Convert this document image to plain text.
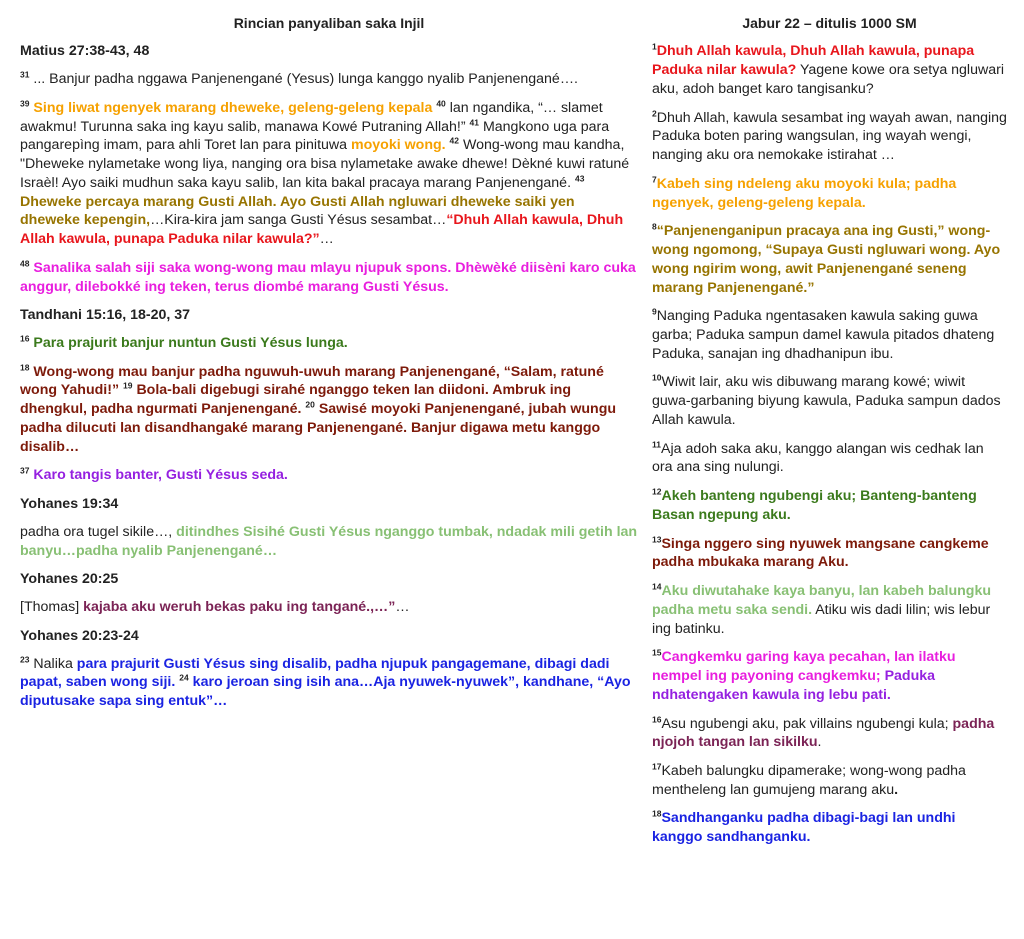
Rincian panyaliban saka Injil
Matius 27:38-43, 48

$^{31}$ ... Banjur padha nggawa Panjenengané (Yesus) lunga kanggo nyalib Panjenengané….

$^{39}$ Sing liwat ngenyek marang dheweke, geleng-geleng kepala $^{40}$ lan ngandika, “… slamet awakmu! Turunna saka ing kayu salib, manawa Kowé Putraning Allah!” $^{41}$ Mangkono uga para pangarepìng imam, para ahli Toret lan para pinituwa moyoki wong. $^{42}$ Wong-wong mau kandha, "Dheweke nylametake wong liya, nanging ora bisa nylametake awake dhewe! Dèkné kuwi ratuné Israèl! Ayo saiki mudhun saka kayu salib, lan kita bakal pracaya marang Panjenengané. $^{43}$ Dheweke percaya marang Gusti Allah. Ayo Gusti Allah ngluwari dheweke saiki yen dheweke kepengin,…Kira-kira jam sanga Gusti Yésus sesambat…“Dhuh Allah kawula, Dhuh Allah kawula, punapa Paduka nilar kawula?”…

$^{48}$ Sanalika salah siji saka wong-wong mau mlayu njupuk spons. Dhèwèké diisèni karo cuka anggur, dilebokké ing teken, terus diombé marang Gusti Yésus.

Tandhani 15:16, 18-20, 37

$^{16}$ Para prajurit banjur nuntun Gusti Yésus lunga.

$^{18}$ Wong-wong mau banjur padha nguwuh-uwuh marang Panjenengané, “Salam, ratuné wong Yahudi!” $^{19}$ Bola-bali digebugi sirahé nganggo teken lan diidoni. Ambruk ing dhengkul, padha ngurmati Panjenengané. $^{20}$ Sawisé moyoki Panjenengané, jubah wungu padha dilucuti lan disandhangaké marang Panjenengané. Banjur digawa metu kanggo disalib…

$^{37}$ Karo tangis banter, Gusti Yésus seda.

Yohanes 19:34

padha ora tugel sikile…, ditindhes Sisihé Gusti Yésus nganggo tumbak, ndadak mili getih lan banyu…padha nyalib Panjenengané…

Yohanes 20:25

[Thomas] kajaba aku weruh bekas paku ing tangané.,…”…

Yohanes 20:23-24

$^{23}$ Nalika para prajurit Gusti Yésus sing disalib, padha njupuk pangagemane, dibagi dadi papat, saben wong siji. $^{24}$ karo jeroan sing isih ana…Aja nyuwek-nyuwek”, kandhane, “Ayo diputusake sapa sing entuk”…

Jabur 22 – ditulis 1000 SM

$^1$Dhuh Allah kawula, Dhuh Allah kawula, punapa Paduka nilar kawula? Yagene kowe ora setya ngluwari aku, adoh banget karo tangisanku?

$^2$Dhuh Allah, kawula sesambat ing wayah awan, nanging Paduka boten paring wangsulan, ing wayah wengi, nanging aku ora nemokake istirahat …

$^7$Kabeh sing ndeleng aku moyoki kula; padha ngenyek, geleng-geleng kepala.

$^8$“Panjenenganipun pracaya ana ing Gusti,” wong-wong ngomong, “Supaya Gusti ngluwari wong. Ayo wong ngirim wong, awit Panjenengané seneng marang Panjenengané.”

$^9$Nanging Paduka ngentasaken kawula saking guwa garba; Paduka sampun damel kawula pitados dhateng Paduka, sanajan ing dhadhanipun ibu.

$^{10}$Wiwit lair, aku wis dibuwang marang kowé; wiwit guwa-garbaning biyung kawula, Paduka sampun dados Allah kawula.

$^{11}$Aja adoh saka aku, kanggo alangan wis cedhak lan ora ana sing nulungi.

$^{12}$Akeh banteng ngubengi aku; Banteng-banteng Basan ngepung aku.

$^{13}$Singa nggero sing nyuwek mangsane cangkeme padha mbukaka marang Aku.

$^{14}$Aku diwutahake kaya banyu, lan kabeh balungku padha metu saka sendi. Atiku wis dadi lilin; wis lebur ing batinku.

$^{15}$Cangkemku garing kaya pecahan, lan ilatku nempel ing payoning cangkemku; Paduka ndhatengaken kawula ing lebu pati.

$^{16}$Asu ngubengi aku, pak villains ngubengi kula; padha njojoh tangan lan sikilku.

$^{17}$Kabeh balungku dipamerake; wong-wong padha mentheleng lan gumujeng marang aku.

$^{18}$Sandhanganku padha dibagi-bagi lan undhi kanggo sandhanganku.
